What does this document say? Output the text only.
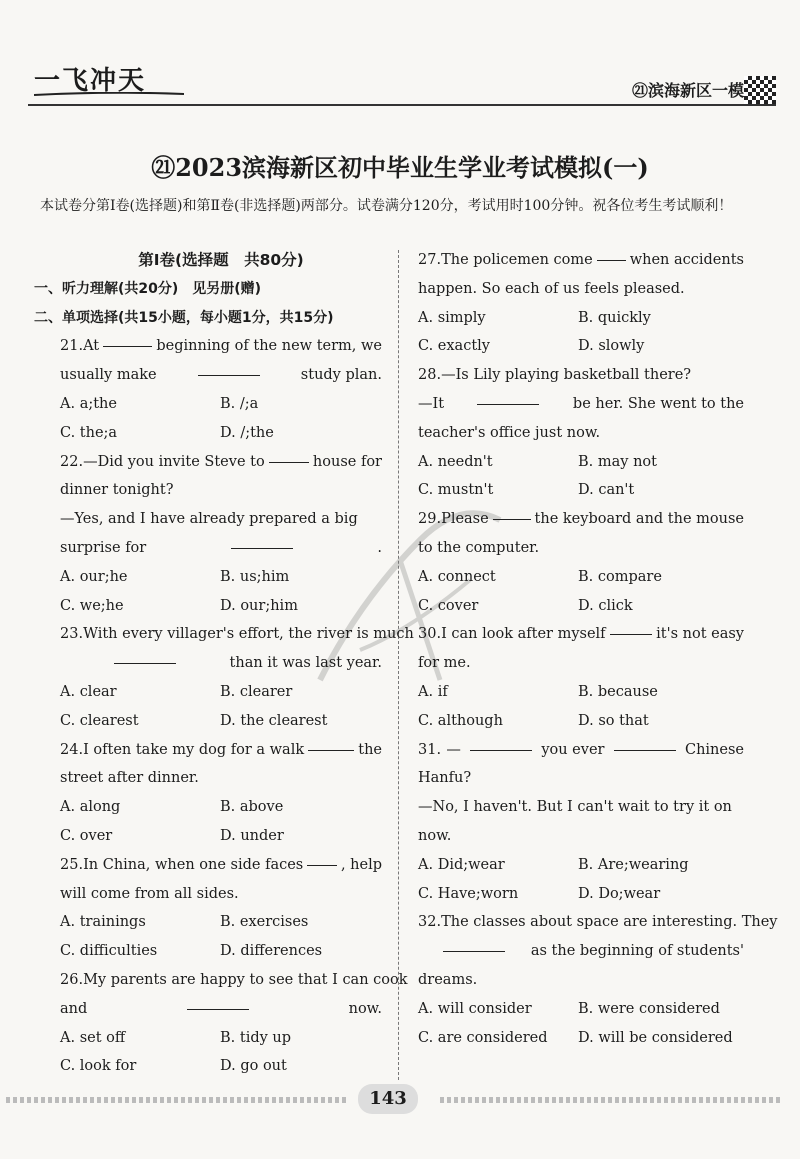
一飞冲天	㉑滨海新区一模
㉑2023滨海新区初中毕业生学业考试模拟(一)
本试卷分第Ⅰ卷(选择题)和第Ⅱ卷(非选择题)两部分。试卷满分120分，考试用时100分钟。祝各位考生考试顺利！
第Ⅰ卷(选择题　共80分)
一、听力理解(共20分)　见另册(赠)
二、单项选择(共15小题，每小题1分，共15分)
21. At	beginning of the new term, we
usually make	study plan.
A. a;the	B. /;a
C. the;a	D. /;the
22. —Did you invite Steve to	house for
dinner tonight?
—Yes, and I have already prepared a big
surprise for	.
A. our;he	B. us;him
C. we;he	D. our;him
23.With every villager's effort, the river is much
than it was last year.
A. clear	B. clearer
C. clearest	D. the clearest
24. I often take my dog for a walk	the
street after dinner.
A. along	B. above
C. over	D. under
25. In China, when one side faces	, help
will come from all sides.
A. trainings	B. exercises
C. difficulties	D. differences
26.My parents are happy to see that I can cook
and	now.
A. set off	B. tidy up
C. look for	D. go out
27. The policemen come	when accidents
happen. So each of us feels pleased.
A. simply	B. quickly
C. exactly	D. slowly
28.—Is Lily playing basketball there?
—It	be her. She went to the
teacher's office just now.
A. needn't	B. may not
C. mustn't	D. can't
29. Please	the keyboard and the mouse
to the computer.
A. connect	B. compare
C. cover	D. click
30. I can look after myself	it's not easy
for me.
A. if	B. because
C. although	D. so that
31. —	you ever	Chinese
Hanfu?
—No, I haven't. But I can't wait to try it on
now.
A. Did;wear	B. Are;wearing
C. Have;worn	D. Do;wear
32.The classes about space are interesting. They
as the beginning of students'
dreams.
A. will consider	B. were considered
C. are considered	D. will be considered
143
